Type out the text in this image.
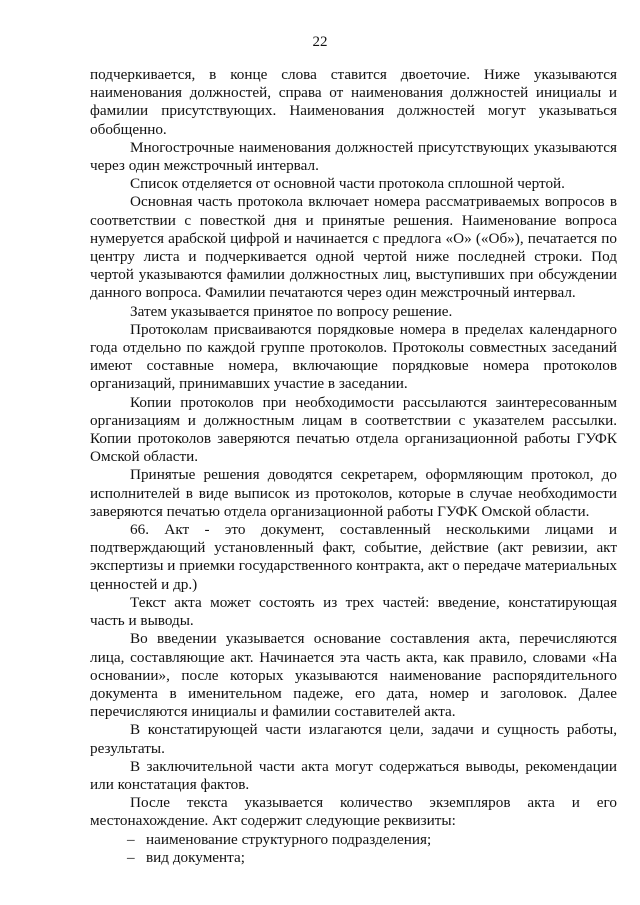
22

подчеркивается, в конце слова ставится двоеточие. Ниже указываются наименования должностей, справа от наименования должностей инициалы и фамилии присутствующих. Наименования должностей могут указываться обобщенно.

Многострочные наименования должностей присутствующих указываются через один межстрочный интервал.

Список отделяется от основной части протокола сплошной чертой.

Основная часть протокола включает номера рассматриваемых вопросов в соответствии с повесткой дня и принятые решения. Наименование вопроса нумеруется арабской цифрой и начинается с предлога «О» («Об»), печатается по центру листа и подчеркивается одной чертой ниже последней строки. Под чертой указываются фамилии должностных лиц, выступивших при обсуждении данного вопроса. Фамилии печатаются через один межстрочный интервал.

Затем указывается принятое по вопросу решение.

Протоколам присваиваются порядковые номера в пределах календарного года отдельно по каждой группе протоколов. Протоколы совместных заседаний имеют составные номера, включающие порядковые номера протоколов организаций, принимавших участие в заседании.

Копии протоколов при необходимости рассылаются заинтересованным организациям и должностным лицам в соответствии с указателем рассылки. Копии протоколов заверяются печатью отдела организационной работы ГУФК Омской области.

Принятые решения доводятся секретарем, оформляющим протокол, до исполнителей в виде выписок из протоколов, которые в случае необходимости заверяются печатью отдела организационной работы ГУФК Омской области.

66. Акт - это документ, составленный несколькими лицами и подтверждающий установленный факт, событие, действие (акт ревизии, акт экспертизы и приемки государственного контракта, акт о передаче материальных ценностей и др.)

Текст акта может состоять из трех частей: введение, констатирующая часть и выводы.

Во введении указывается основание составления акта, перечисляются лица, составляющие акт. Начинается эта часть акта, как правило, словами «На основании», после которых указываются наименование распорядительного документа в именительном падеже, его дата, номер и заголовок. Далее перечисляются инициалы и фамилии составителей акта.

В констатирующей части излагаются цели, задачи и сущность работы, результаты.

В заключительной части акта могут содержаться выводы, рекомендации или констатация фактов.

После текста указывается количество экземпляров акта и его местонахождение. Акт содержит следующие реквизиты:

– наименование структурного подразделения;
– вид документа;
